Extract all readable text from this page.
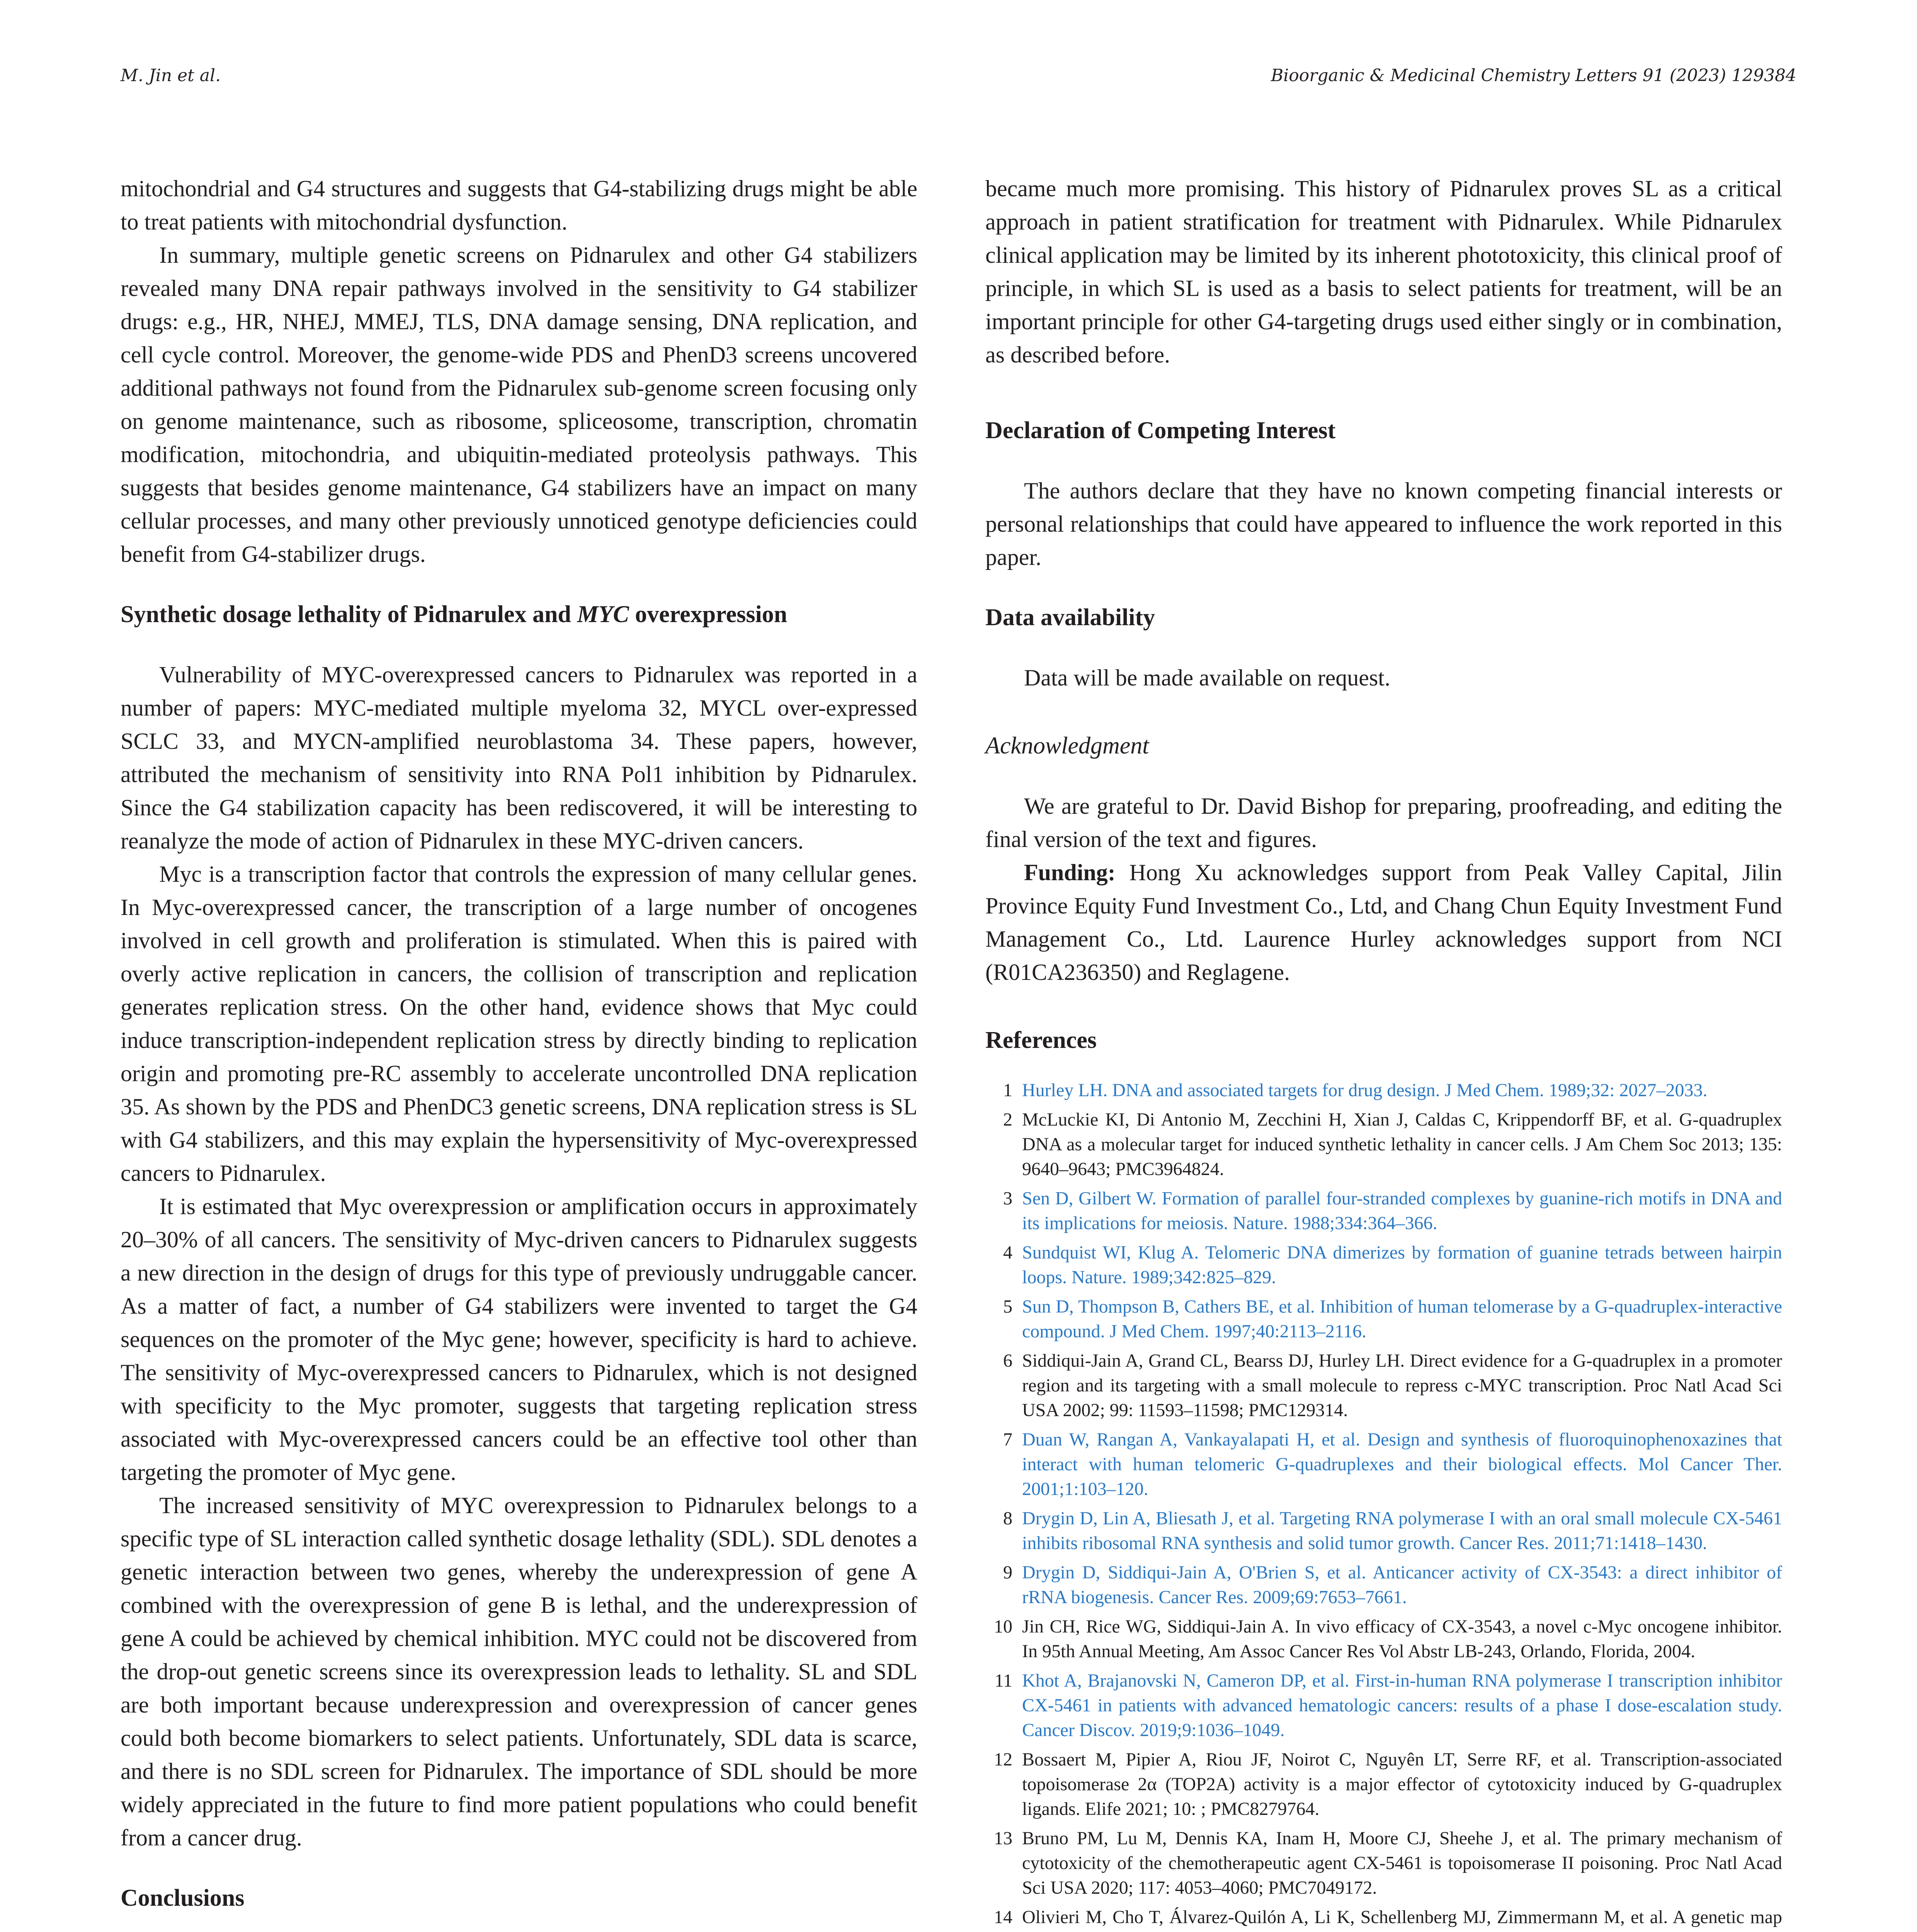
M. Jin et al.	Bioorganic & Medicinal Chemistry Letters 91 (2023) 129384

mitochondrial and G4 structures and suggests that G4-stabilizing drugs might be able to treat patients with mitochondrial dysfunction.

In summary, multiple genetic screens on Pidnarulex and other G4 stabilizers revealed many DNA repair pathways involved in the sensitivity to G4 stabilizer drugs: e.g., HR, NHEJ, MMEJ, TLS, DNA damage sensing, DNA replication, and cell cycle control. Moreover, the genome-wide PDS and PhenD3 screens uncovered additional pathways not found from the Pidnarulex sub-genome screen focusing only on genome maintenance, such as ribosome, spliceosome, transcription, chromatin modification, mitochondria, and ubiquitin-mediated proteolysis pathways. This suggests that besides genome maintenance, G4 stabilizers have an impact on many cellular processes, and many other previously unnoticed genotype deficiencies could benefit from G4-stabilizer drugs.

Synthetic dosage lethality of Pidnarulex and MYC overexpression

Vulnerability of MYC-overexpressed cancers to Pidnarulex was reported in a number of papers: MYC-mediated multiple myeloma 32, MYCL over-expressed SCLC 33, and MYCN-amplified neuroblastoma 34. These papers, however, attributed the mechanism of sensitivity into RNA Pol1 inhibition by Pidnarulex. Since the G4 stabilization capacity has been rediscovered, it will be interesting to reanalyze the mode of action of Pidnarulex in these MYC-driven cancers.

Myc is a transcription factor that controls the expression of many cellular genes. In Myc-overexpressed cancer, the transcription of a large number of oncogenes involved in cell growth and proliferation is stimulated. When this is paired with overly active replication in cancers, the collision of transcription and replication generates replication stress. On the other hand, evidence shows that Myc could induce transcription-independent replication stress by directly binding to replication origin and promoting pre-RC assembly to accelerate uncontrolled DNA replication 35. As shown by the PDS and PhenDC3 genetic screens, DNA replication stress is SL with G4 stabilizers, and this may explain the hypersensitivity of Myc-overexpressed cancers to Pidnarulex.

It is estimated that Myc overexpression or amplification occurs in approximately 20–30% of all cancers. The sensitivity of Myc-driven cancers to Pidnarulex suggests a new direction in the design of drugs for this type of previously undruggable cancer. As a matter of fact, a number of G4 stabilizers were invented to target the G4 sequences on the promoter of the Myc gene; however, specificity is hard to achieve. The sensitivity of Myc-overexpressed cancers to Pidnarulex, which is not designed with specificity to the Myc promoter, suggests that targeting replication stress associated with Myc-overexpressed cancers could be an effective tool other than targeting the promoter of Myc gene.

The increased sensitivity of MYC overexpression to Pidnarulex belongs to a specific type of SL interaction called synthetic dosage lethality (SDL). SDL denotes a genetic interaction between two genes, whereby the underexpression of gene A combined with the overexpression of gene B is lethal, and the underexpression of gene A could be achieved by chemical inhibition. MYC could not be discovered from the drop-out genetic screens since its overexpression leads to lethality. SL and SDL are both important because underexpression and overexpression of cancer genes could both become biomarkers to select patients. Unfortunately, SDL data is scarce, and there is no SDL screen for Pidnarulex. The importance of SDL should be more widely appreciated in the future to find more patient populations who could benefit from a cancer drug.

Conclusions

became much more promising. This history of Pidnarulex proves SL as a critical approach in patient stratification for treatment with Pidnarulex. While Pidnarulex clinical application may be limited by its inherent phototoxicity, this clinical proof of principle, in which SL is used as a basis to select patients for treatment, will be an important principle for other G4-targeting drugs used either singly or in combination, as described before.

Declaration of Competing Interest

The authors declare that they have no known competing financial interests or personal relationships that could have appeared to influence the work reported in this paper.

Data availability

Data will be made available on request.

Acknowledgment

We are grateful to Dr. David Bishop for preparing, proofreading, and editing the final version of the text and figures.

Funding: Hong Xu acknowledges support from Peak Valley Capital, Jilin Province Equity Fund Investment Co., Ltd, and Chang Chun Equity Investment Fund Management Co., Ltd. Laurence Hurley acknowledges support from NCI (R01CA236350) and Reglagene.

References

1 Hurley LH. DNA and associated targets for drug design. J Med Chem. 1989;32: 2027–2033.
2 McLuckie KI, Di Antonio M, Zecchini H, Xian J, Caldas C, Krippendorff BF, et al. G-quadruplex DNA as a molecular target for induced synthetic lethality in cancer cells. J Am Chem Soc 2013; 135: 9640–9643; PMC3964824.
3 Sen D, Gilbert W. Formation of parallel four-stranded complexes by guanine-rich motifs in DNA and its implications for meiosis. Nature. 1988;334:364–366.
4 Sundquist WI, Klug A. Telomeric DNA dimerizes by formation of guanine tetrads between hairpin loops. Nature. 1989;342:825–829.
5 Sun D, Thompson B, Cathers BE, et al. Inhibition of human telomerase by a G-quadruplex-interactive compound. J Med Chem. 1997;40:2113–2116.
6 Siddiqui-Jain A, Grand CL, Bearss DJ, Hurley LH. Direct evidence for a G-quadruplex in a promoter region and its targeting with a small molecule to repress c-MYC transcription. Proc Natl Acad Sci USA 2002; 99: 11593–11598; PMC129314.
7 Duan W, Rangan A, Vankayalapati H, et al. Design and synthesis of fluoroquinophenoxazines that interact with human telomeric G-quadruplexes and their biological effects. Mol Cancer Ther. 2001;1:103–120.
8 Drygin D, Lin A, Bliesath J, et al. Targeting RNA polymerase I with an oral small molecule CX-5461 inhibits ribosomal RNA synthesis and solid tumor growth. Cancer Res. 2011;71:1418–1430.
9 Drygin D, Siddiqui-Jain A, O'Brien S, et al. Anticancer activity of CX-3543: a direct inhibitor of rRNA biogenesis. Cancer Res. 2009;69:7653–7661.
10 Jin CH, Rice WG, Siddiqui-Jain A. In vivo efficacy of CX-3543, a novel c-Myc oncogene inhibitor. In 95th Annual Meeting, Am Assoc Cancer Res Vol Abstr LB-243, Orlando, Florida, 2004.
11 Khot A, Brajanovski N, Cameron DP, et al. First-in-human RNA polymerase I transcription inhibitor CX-5461 in patients with advanced hematologic cancers: results of a phase I dose-escalation study. Cancer Discov. 2019;9:1036–1049.
12 Bossaert M, Pipier A, Riou JF, Noirot C, Nguyên LT, Serre RF, et al. Transcription-associated topoisomerase 2α (TOP2A) activity is a major effector of cytotoxicity induced by G-quadruplex ligands. Elife 2021; 10: ; PMC8279764.
13 Bruno PM, Lu M, Dennis KA, Inam H, Moore CJ, Sheehe J, et al. The primary mechanism of cytotoxicity of the chemotherapeutic agent CX-5461 is topoisomerase II poisoning. Proc Natl Acad Sci USA 2020; 117: 4053–4060; PMC7049172.
14 Olivieri M, Cho T, Álvarez-Quilón A, Li K, Schellenberg MJ, Zimmermann M, et al. A genetic map
